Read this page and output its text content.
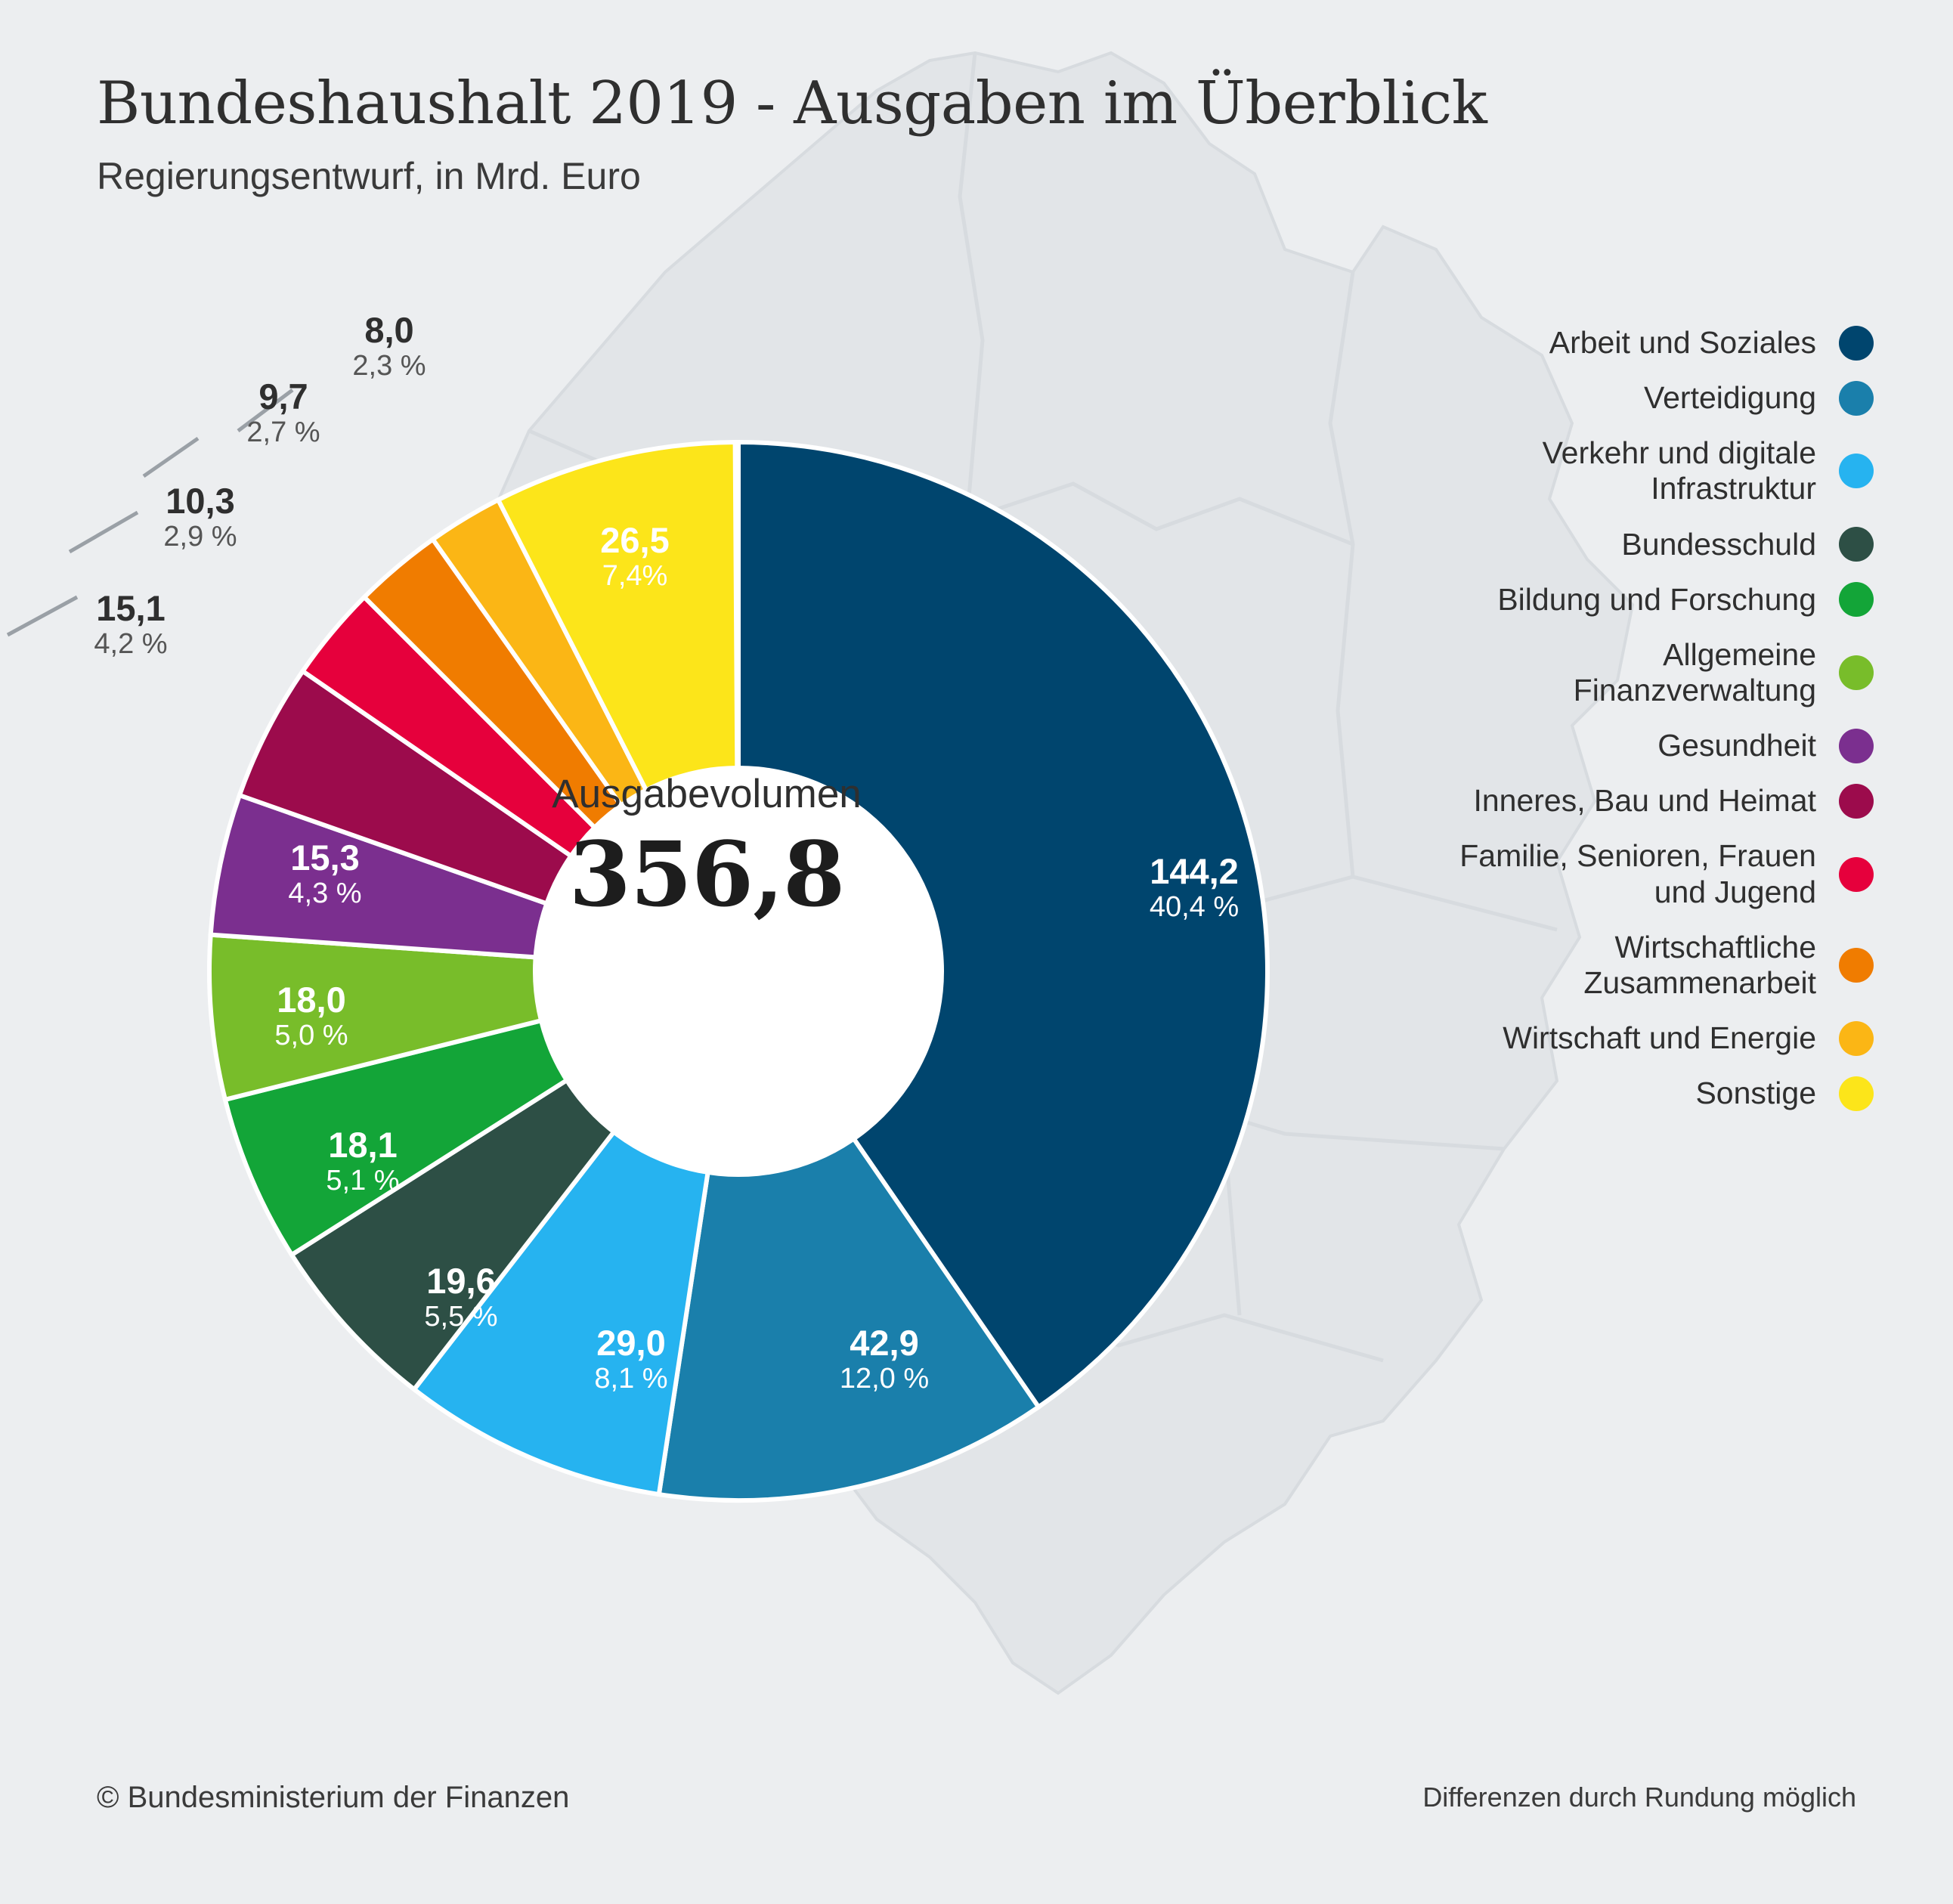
Bundeshaushalt 2019 - Ausgaben im Überblick
Regierungsentwurf, in Mrd. Euro
144,2
40,4 %
42,9
12,0 %
29,0
8,1 %
19,6
5,5 %
18,1
5,1 %
18,0
5,0 %
15,3
4,3 %
15,1
4,2 %
10,3
2,9 %
9,7
2,7 %
8,0
2,3 %
26,5
7,4%
Ausgabevolumen
356,8
Arbeit und Soziales
Verteidigung
Verkehr und digitale Infrastruktur
Bundesschuld
Bildung und Forschung
Allgemeine Finanzverwaltung
Gesundheit
Inneres, Bau und Heimat
Familie, Senioren, Frauen und Jugend
Wirtschaftliche Zusammenarbeit
Wirtschaft und Energie
Sonstige
© Bundesministerium der Finanzen	Differenzen durch Rundung möglich
